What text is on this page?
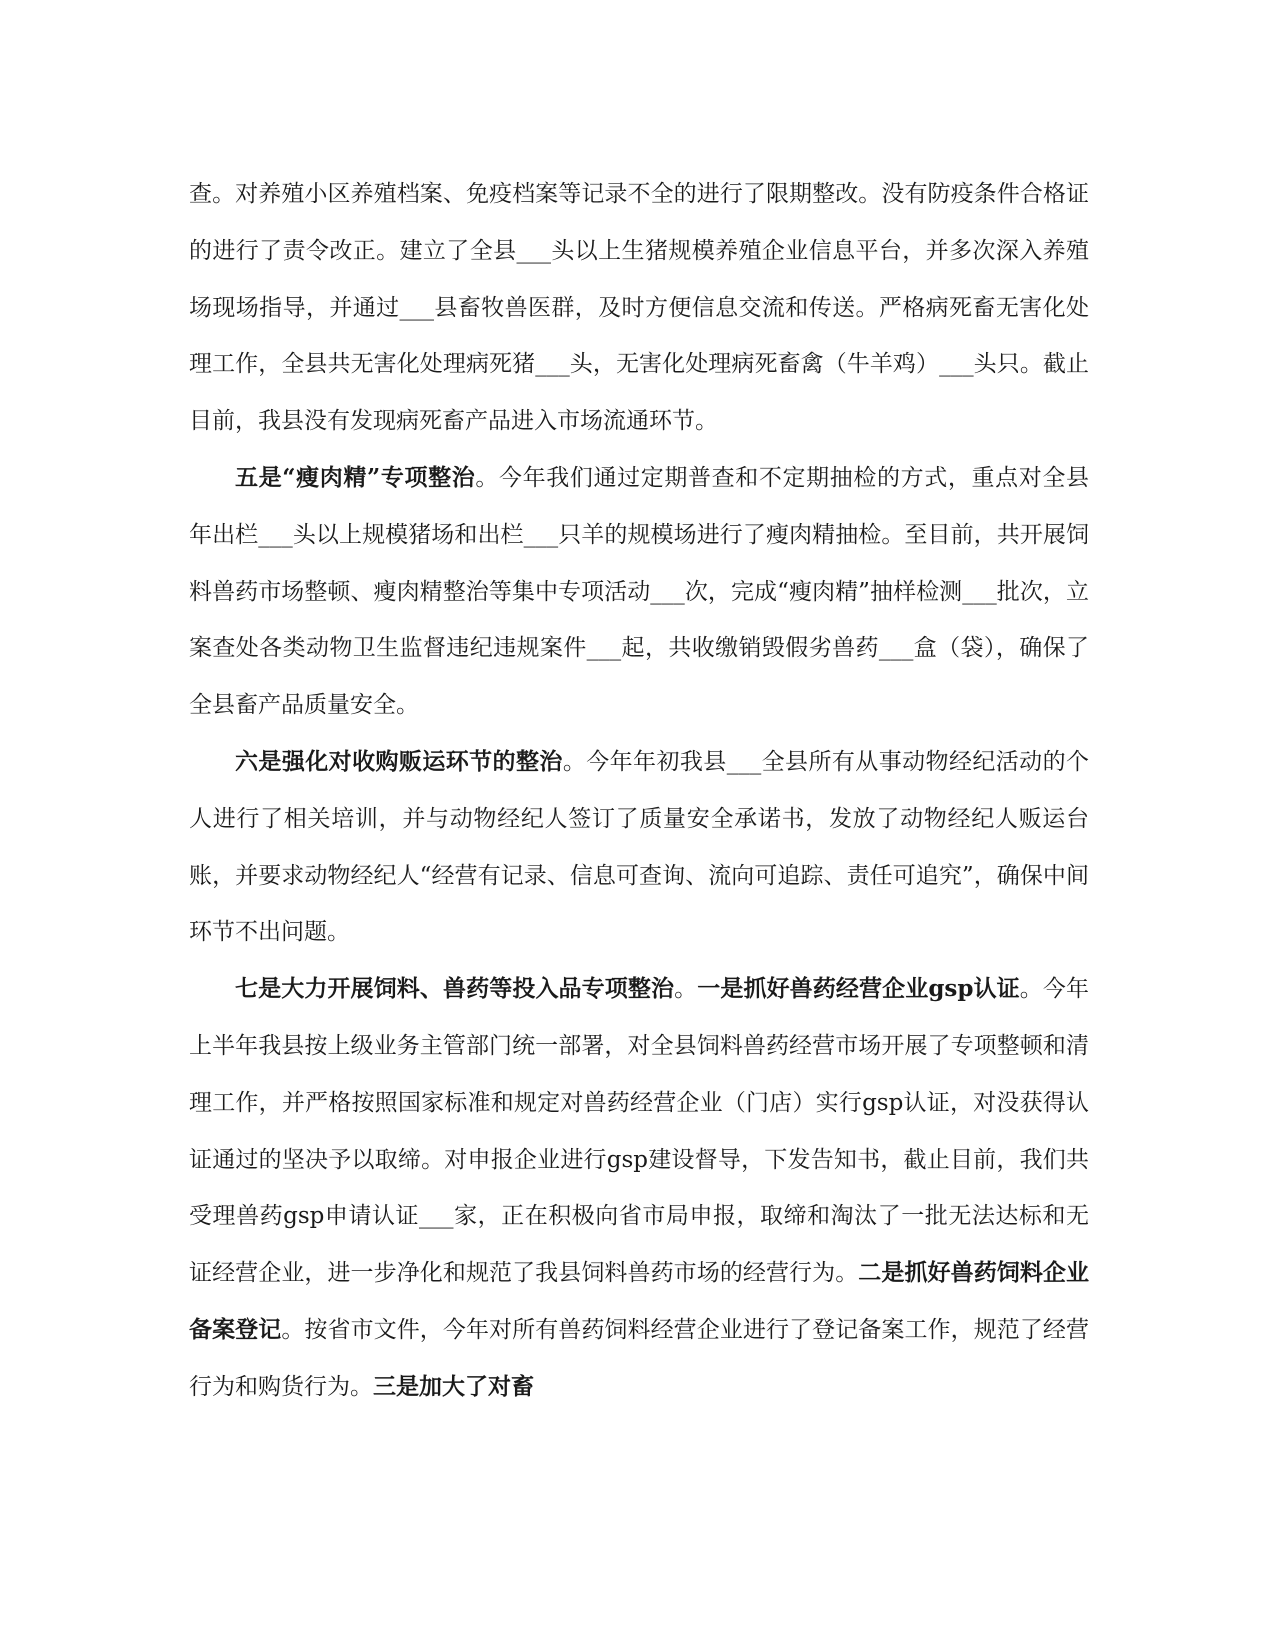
查。对养殖小区养殖档案、免疫档案等记录不全的进行了限期整改。没有防疫条件合格证的进行了责令改正。建立了全县___头以上生猪规模养殖企业信息平台，并多次深入养殖场现场指导，并通过___县畜牧兽医群，及时方便信息交流和传送。严格病死畜无害化处理工作，全县共无害化处理病死猪___头，无害化处理病死畜禽（牛羊鸡）___头只。截止目前，我县没有发现病死畜产品进入市场流通环节。

五是“瘦肉精”专项整治。今年我们通过定期普查和不定期抽检的方式，重点对全县年出栏___头以上规模猪场和出栏___只羊的规模场进行了瘦肉精抽检。至目前，共开展饲料兽药市场整顿、瘦肉精整治等集中专项活动___次，完成“瘦肉精”抽样检测___批次，立案查处各类动物卫生监督违纪违规案件___起，共收缴销毁假劣兽药___盒（袋），确保了全县畜产品质量安全。

六是强化对收购贩运环节的整治。今年年初我县___全县所有从事动物经纪活动的个人进行了相关培训，并与动物经纪人签订了质量安全承诺书，发放了动物经纪人贩运台账，并要求动物经纪人“经营有记录、信息可查询、流向可追踪、责任可追究”，确保中间环节不出问题。

七是大力开展饲料、兽药等投入品专项整治。一是抓好兽药经营企业gsp认证。今年上半年我县按上级业务主管部门统一部署，对全县饲料兽药经营市场开展了专项整顿和清理工作，并严格按照国家标准和规定对兽药经营企业（门店）实行gsp认证，对没获得认证通过的坚决予以取缔。对申报企业进行gsp建设督导，下发告知书，截止目前，我们共受理兽药gsp申请认证___家，正在积极向省市局申报，取缔和淘汰了一批无法达标和无证经营企业，进一步净化和规范了我县饲料兽药市场的经营行为。二是抓好兽药饲料企业备案登记。按省市文件，今年对所有兽药饲料经营企业进行了登记备案工作，规范了经营行为和购货行为。三是加大了对畜
